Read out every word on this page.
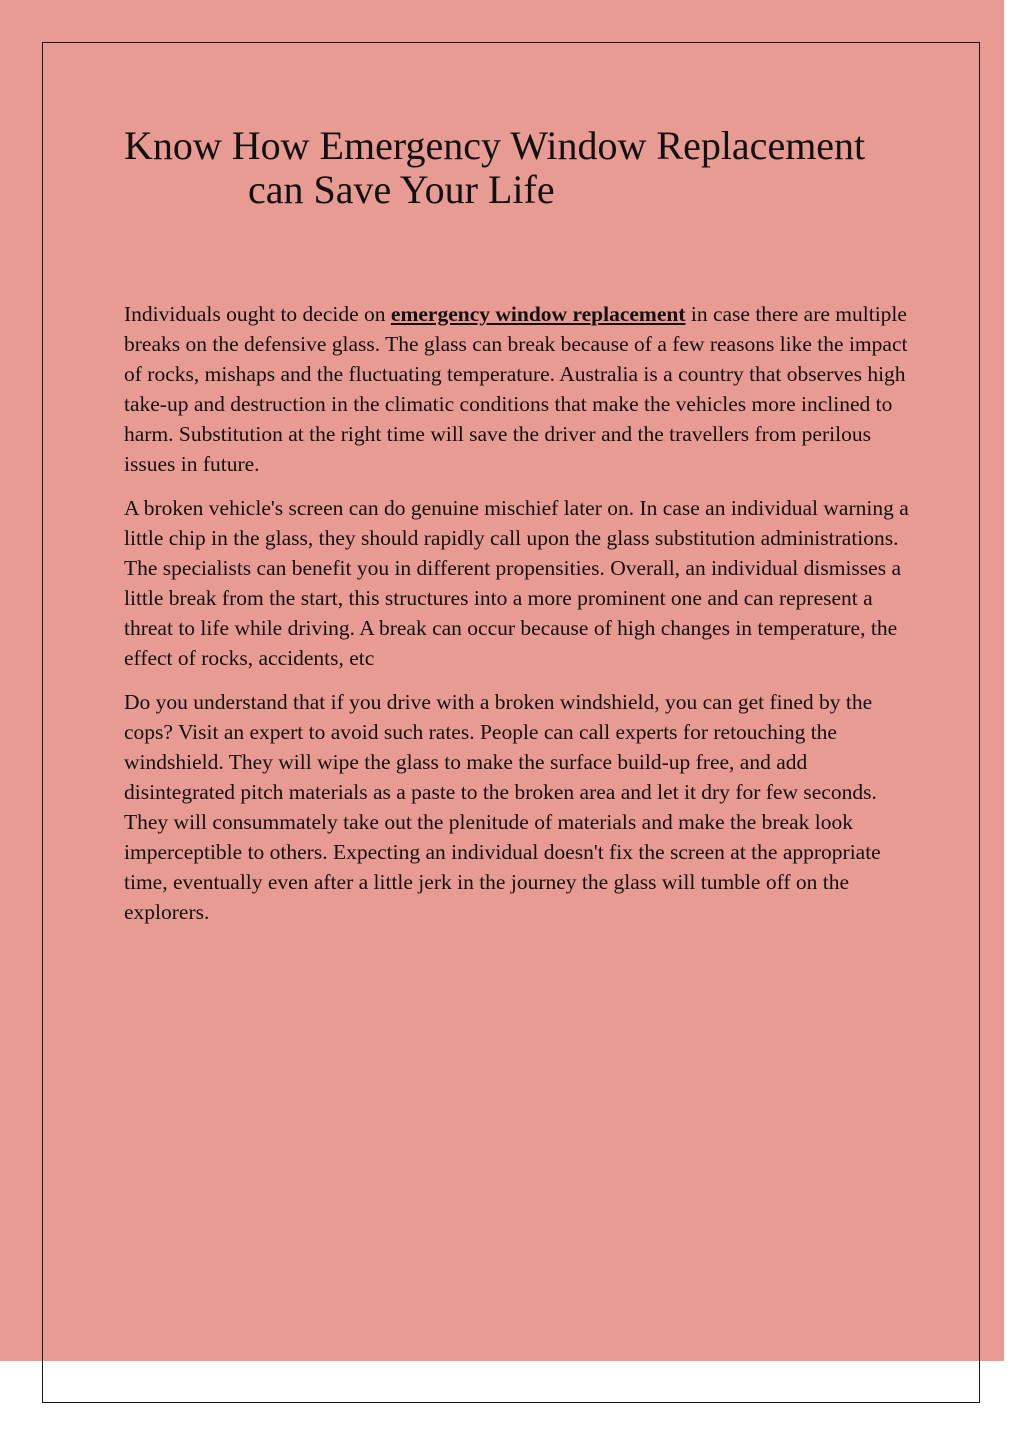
Know How Emergency Window Replacement
can Save Your Life

Individuals ought to decide on emergency window replacement in case there are multiple breaks on the defensive glass. The glass can break because of a few reasons like the impact of rocks, mishaps and the fluctuating temperature. Australia is a country that observes high take-up and destruction in the climatic conditions that make the vehicles more inclined to harm. Substitution at the right time will save the driver and the travellers from perilous issues in future.

A broken vehicle's screen can do genuine mischief later on. In case an individual warning a little chip in the glass, they should rapidly call upon the glass substitution administrations. The specialists can benefit you in different propensities. Overall, an individual dismisses a little break from the start, this structures into a more prominent one and can represent a threat to life while driving. A break can occur because of high changes in temperature, the effect of rocks, accidents, etc

Do you understand that if you drive with a broken windshield, you can get fined by the cops? Visit an expert to avoid such rates. People can call experts for retouching the windshield. They will wipe the glass to make the surface build-up free, and add disintegrated pitch materials as a paste to the broken area and let it dry for few seconds. They will consummately take out the plenitude of materials and make the break look imperceptible to others. Expecting an individual doesn't fix the screen at the appropriate time, eventually even after a little jerk in the journey the glass will tumble off on the explorers.
